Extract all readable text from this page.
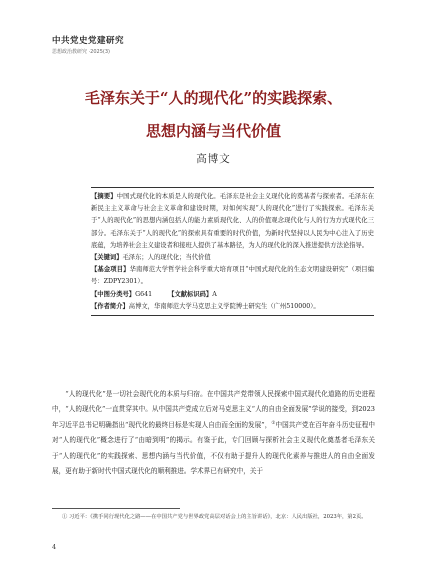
中共党史党建研究
思想政治教研究 ·2025(3)
毛泽东关于“人的现代化”的实践探索、
思想内涵与当代价值
高博文
【摘要】中国式现代化的本质是人的现代化。毛泽东是社会主义现代化的奠基者与探索者。毛泽东在新民主主义革命与社会主义革命和建设时期，对如何实现“人的现代化”进行了实践探索。毛泽东关于“人的现代化”的思想内涵包括人的能力素质现代化、人的价值观念现代化与人的行为方式现代化三部分。毛泽东关于“人的现代化”的探索具有重要的时代价值，为新时代坚持以人民为中心注入了历史底蕴，为培养社会主义建设者和接班人提供了基本路径，为人的现代化的深入推进提供方法论指导。
【关键词】毛泽东；人的现代化；当代价值
【基金项目】华南师范大学哲学社会科学重大培育项目“中国式现代化的生态文明建设研究”（项目编号：ZDPY2301）。
【中图分类号】G641	【文献标识码】A
【作者简介】高博文，华南师范大学马克思主义学院博士研究生（广州510000）。
“人的现代化”是一切社会现代化的本质与归宿。在中国共产党带领人民探索中国式现代化道路的历史进程中，“人的现代化”一直贯穿其中。从中国共产党成立后对马克思主义“人的自由全面发展”学说的接受，到2023年习近平总书记明确指出“现代化的最终目标是实现人自由而全面的发展”，①中国共产党在百年奋斗历史征程中对“人的现代化”概念进行了“由暗到明”的揭示。有鉴于此，专门回顾与探析社会主义现代化奠基者毛泽东关于“人的现代化”的实践探索、思想内涵与当代价值，不仅有助于提升人的现代化素养与推进人的自由全面发展，更有助于新时代中国式现代化的顺利推进。学术界已有研究中，关于
① 习近平：《携手同行现代化之路——在中国共产党与世界政党高层对话会上的主旨讲话》，北京：人民出版社，2023年，第2页。
4
